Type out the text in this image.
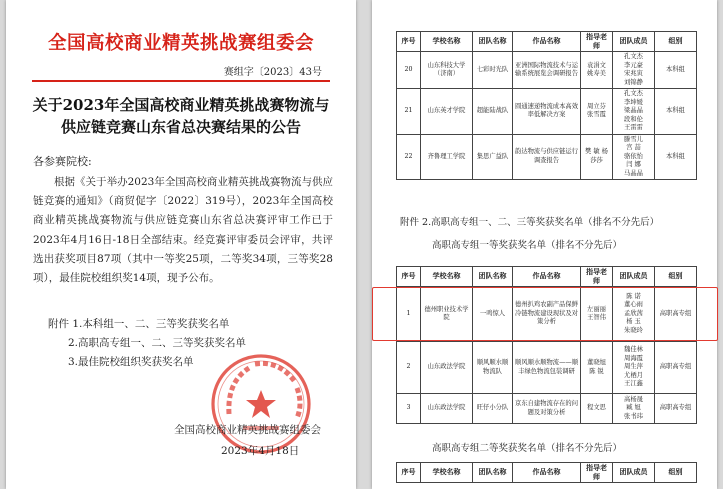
全国高校商业精英挑战赛组委会
赛组字〔2023〕43号
关于2023年全国高校商业精英挑战赛物流与
供应链竞赛山东省总决赛结果的公告
各参赛院校:
  根据《关于举办2023年全国高校商业精英挑战赛物流与供应链竞赛的通知》（商贸促字〔2022〕319号），2023年全国高校商业精英挑战赛物流与供应链竞赛山东省总决赛评审工作已于2023年4月16日-18日全部结束。经竞赛评审委员会评审，共评选出获奖项目87项（其中一等奖25项，二等奖34项，三等奖28项），最佳院校组织奖14项，现予公布。
附件 1.本科组一、二、三等奖获奖名单
2.高职高专组一、二、三等奖获奖名单
3.最佳院校组织奖获奖名单
全国高校商业精英挑战赛组委会
2023年4月18日
序号	学校名称	团队名称	作品名称	指导老师	团队成员	组别
20	山东科技大学（济南）	七彩时光队	亚洲国际物流技术与运输系统展览会调研报告	袁涓文 姚寿美	孔文杰
李元豪
宋兆寅
刘锦静	本科组
21	山东英才学院	超能陆战队	圆通速递物流成本高效率低解决方案	周立芬 张雪霞	孔文杰
李坤媛
梁晶晶
段和伦
王雷雷	本科组
22	齐鲁理工学院	集思广益队	韵达物流与供应链运行调查报告	樊 敏 杨莎莎	滕雪儿
宫 喆
骆依怡
闫 娜
马晶晶	本科组
附件 2.高职高专组一、二、三等奖获奖名单（排名不分先后）
高职高专组一等奖获奖名单（排名不分先后）
序号	学校名称	团队名称	作品名称	指导老师	团队成员	组别
1	德州职业技术学院	一鸣惊人	德州扒鸡农副产品保鲜冷链物流建设现状及对策分析	左丽丽 王智伟	陈 诺
董心雨
孟欣茜
杨 玉
朱晓玲	高职高专组
2	山东政法学院	顺风顺水顺物流队	顺风顺水顺物流——顺丰绿色物流包装调研	董晓旭 陈 锐	魏佳林
周海霞
周生萍
尤栖月
王江鑫	高职高专组
3	山东政法学院	旺仔小分队	京东自建物流存在的问题及对策分析	程文思	高杨晟
臧 旭
张书玮	高职高专组
高职高专组二等奖获奖名单（排名不分先后）
序号	学校名称	团队名称	作品名称	指导老师	团队成员	组别
